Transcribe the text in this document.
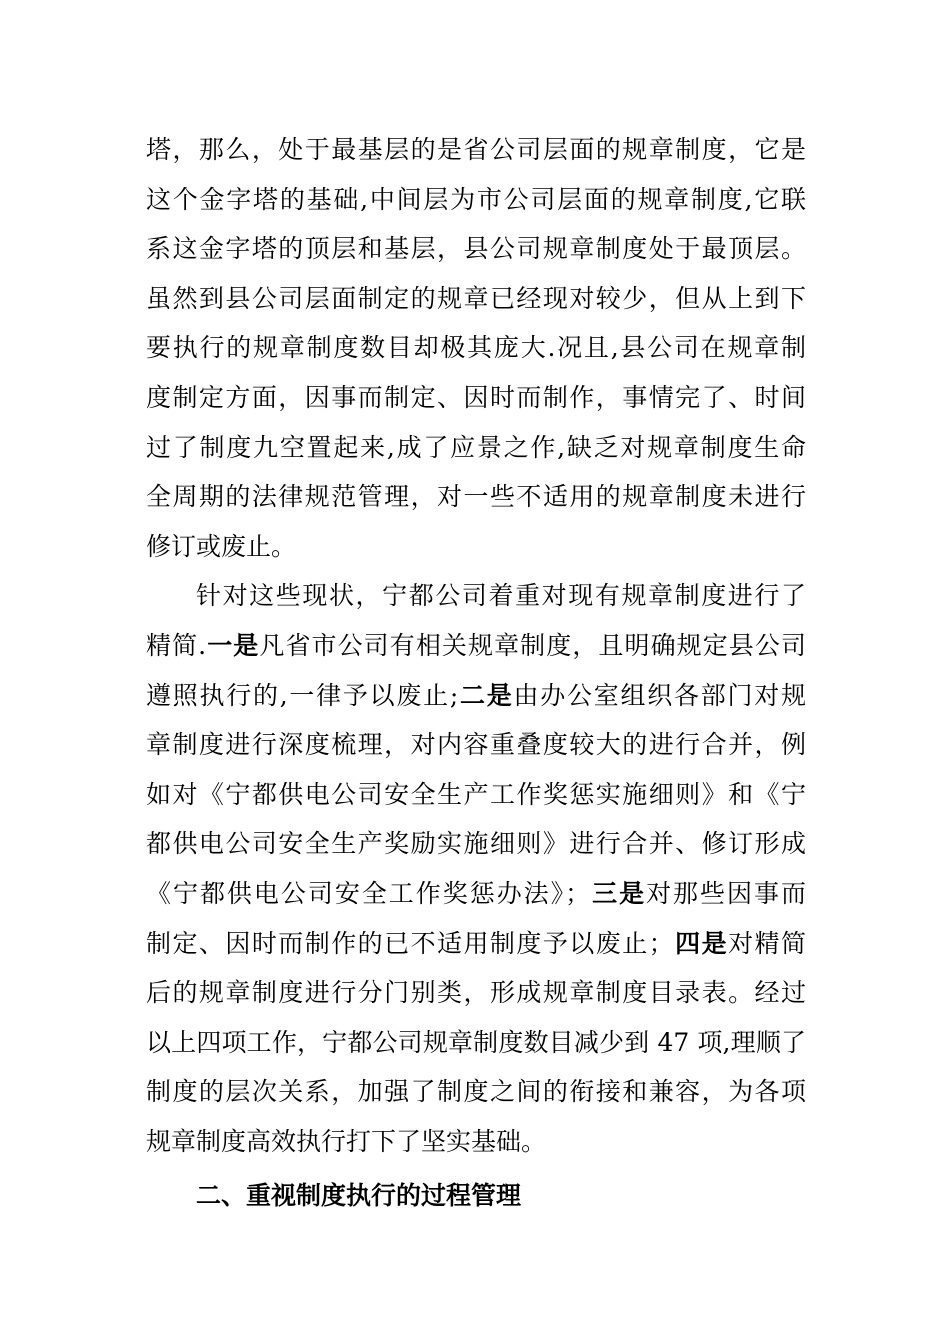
塔，那么，处于最基层的是省公司层面的规章制度，它是
这个金字塔的基础,中间层为市公司层面的规章制度,它联
系这金字塔的顶层和基层，县公司规章制度处于最顶层。
虽然到县公司层面制定的规章已经现对较少，但从上到下
要执行的规章制度数目却极其庞大.况且,县公司在规章制
度制定方面，因事而制定、因时而制作，事情完了、时间
过了制度九空置起来,成了应景之作,缺乏对规章制度生命
全周期的法律规范管理，对一些不适用的规章制度未进行
修订或废止。
针对这些现状，宁都公司着重对现有规章制度进行了
精简.一是凡省市公司有相关规章制度，且明确规定县公司
遵照执行的,一律予以废止;二是由办公室组织各部门对规
章制度进行深度梳理，对内容重叠度较大的进行合并，例
如对《宁都供电公司安全生产工作奖惩实施细则》和《宁
都供电公司安全生产奖励实施细则》进行合并、修订形成
《宁都供电公司安全工作奖惩办法》；三是对那些因事而
制定、因时而制作的已不适用制度予以废止；四是对精简
后的规章制度进行分门别类，形成规章制度目录表。经过
以上四项工作，宁都公司规章制度数目减少到 47 项,理顺了
制度的层次关系，加强了制度之间的衔接和兼容，为各项
规章制度高效执行打下了坚实基础。
二、重视制度执行的过程管理
